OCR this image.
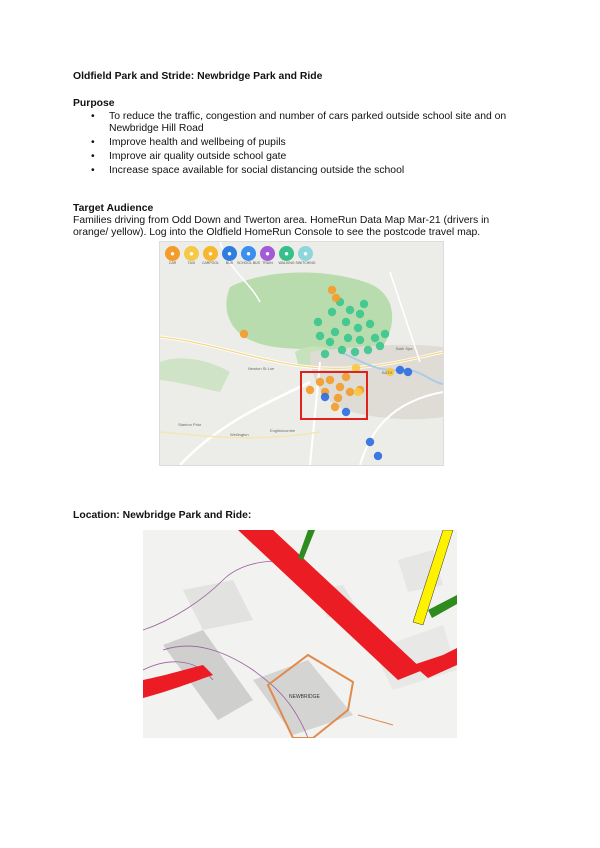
Oldfield Park and Stride: Newbridge Park and Ride
Purpose
• To reduce the traffic, congestion and number of cars parked outside school site and on Newbridge Hill Road
• Improve health and wellbeing of pupils
• Improve air quality outside school gate
• Increase space available for social distancing outside the school
Target Audience
Families driving from Odd Down and Twerton area. HomeRun Data Map Mar-21 (drivers in
orange/ yellow). Log into the Oldfield HomeRun Console to see the postcode travel map.
●
CAR
●
TAXI
●
CARPOOL
●
BUS
●
SCHOOL BUS
●
TRAIN
●
WALKING
●
SWITCHING
Newton St Loe
Bath Spa
Englishcombe
Wellington
Stanton Prior
BATH
Location: Newbridge Park and Ride:
NEWBRIDGE
